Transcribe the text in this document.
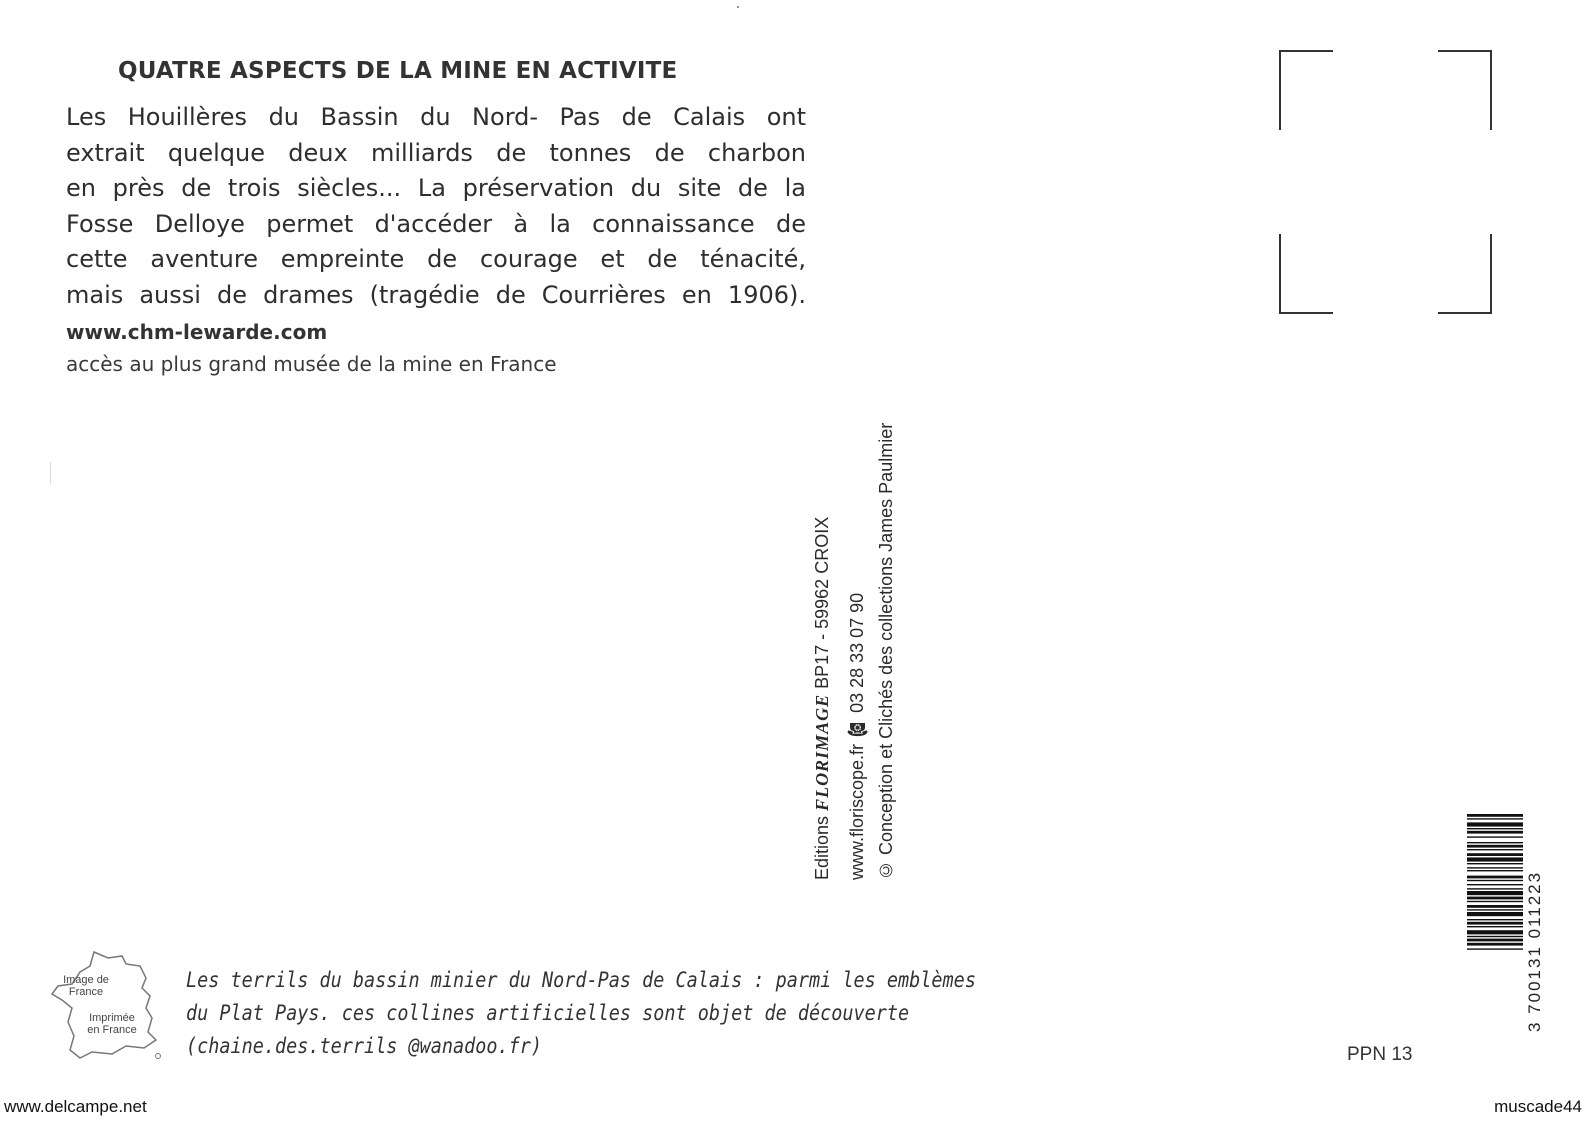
QUATRE ASPECTS DE LA MINE EN ACTIVITE
Les Houillères du Bassin du Nord- Pas de Calais ont
extrait quelque deux milliards de tonnes de charbon
en près de trois siècles... La préservation du site de la
Fosse Delloye permet d'accéder à la connaissance de
cette aventure empreinte de courage et de ténacité,
mais aussi de drames (tragédie de Courrières en 1906).
www.chm-lewarde.com
accès au plus grand musée de la mine en France
Editions FLORIMAGE BP17 - 59962 CROIX
www.floriscope.fr ☎ 03 28 33 07 90 © Conception et Clichés des collections James Paulmier
3 700131 011223
PPN 13
Image de France
Imprimée en France
Les terrils du bassin minier du Nord-Pas de Calais : parmi les emblèmes
du Plat Pays. ces collines artificielles sont objet de découverte
(chaine.des.terrils @wanadoo.fr)
www.delcampe.net	muscade44
